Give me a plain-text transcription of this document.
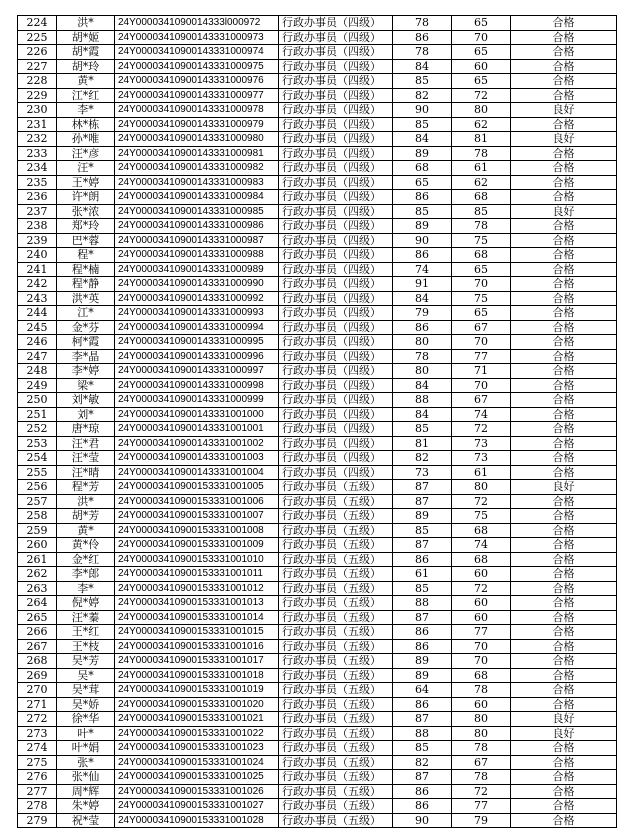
224	洪*	24Y0000341090014333l000972	行政办事员（四级）	78	65	合格
225	胡*姬	24Y00003410900143331000973	行政办事员（四级）	86	70	合格
226	胡*霞	24Y00003410900143331000974	行政办事员（四级）	78	65	合格
227	胡*玲	24Y00003410900143331000975	行政办事员（四级）	84	60	合格
228	黄*	24Y00003410900143331000976	行政办事员（四级）	85	65	合格
229	江*红	24Y00003410900143331000977	行政办事员（四级）	82	72	合格
230	李*	24Y00003410900143331000978	行政办事员（四级）	90	80	良好
231	林*栋	24Y00003410900143331000979	行政办事员（四级）	85	62	合格
232	孙*唯	24Y00003410900143331000980	行政办事员（四级）	84	81	良好
233	汪*彦	24Y00003410900143331000981	行政办事员（四级）	89	78	合格
234	汪*	24Y00003410900143331000982	行政办事员（四级）	68	61	合格
235	王*婷	24Y00003410900143331000983	行政办事员（四级）	65	62	合格
236	许*朗	24Y00003410900143331000984	行政办事员（四级）	86	68	合格
237	张*浓	24Y00003410900143331000985	行政办事员（四级）	85	85	良好
238	郑*玲	24Y00003410900143331000986	行政办事员（四级）	89	78	合格
239	巴*蓉	24Y00003410900143331000987	行政办事员（四级）	90	75	合格
240	程*	24Y00003410900143331000988	行政办事员（四级）	86	68	合格
241	程*楠	24Y00003410900143331000989	行政办事员（四级）	74	65	合格
242	程*静	24Y00003410900143331000990	行政办事员（四级）	91	70	合格
243	洪*英	24Y00003410900143331000992	行政办事员（四级）	84	75	合格
244	江*	24Y00003410900143331000993	行政办事员（四级）	79	65	合格
245	金*芬	24Y00003410900143331000994	行政办事员（四级）	86	67	合格
246	柯*霞	24Y00003410900143331000995	行政办事员（四级）	80	70	合格
247	李*晶	24Y00003410900143331000996	行政办事员（四级）	78	77	合格
248	李*婷	24Y00003410900143331000997	行政办事员（四级）	80	71	合格
249	梁*	24Y00003410900143331000998	行政办事员（四级）	84	70	合格
250	刘*敏	24Y00003410900143331000999	行政办事员（四级）	88	67	合格
251	刘*	24Y00003410900143331001000	行政办事员（四级）	84	74	合格
252	唐*琼	24Y00003410900143331001001	行政办事员（四级）	85	72	合格
253	汪*君	24Y00003410900143331001002	行政办事员（四级）	81	73	合格
254	汪*莹	24Y00003410900143331001003	行政办事员（四级）	82	73	合格
255	汪*晴	24Y00003410900143331001004	行政办事员（四级）	73	61	合格
256	程*芳	24Y00003410900153331001005	行政办事员（五级）	87	80	良好
257	洪*	24Y00003410900153331001006	行政办事员（五级）	87	72	合格
258	胡*芳	24Y00003410900153331001007	行政办事员（五级）	89	75	合格
259	黄*	24Y00003410900153331001008	行政办事员（五级）	85	68	合格
260	黄*伶	24Y00003410900153331001009	行政办事员（五级）	87	74	合格
261	金*红	24Y00003410900153331001010	行政办事员（五级）	86	68	合格
262	李*郎	24Y00003410900153331001011	行政办事员（五级）	61	60	合格
263	李*	24Y00003410900153331001012	行政办事员（五级）	85	72	合格
264	倪*婷	24Y00003410900153331001013	行政办事员（五级）	88	60	合格
265	汪*蓁	24Y00003410900153331001014	行政办事员（五级）	87	60	合格
266	王*红	24Y00003410900153331001015	行政办事员（五级）	86	77	合格
267	王*枝	24Y00003410900153331001016	行政办事员（五级）	86	70	合格
268	吴*芳	24Y00003410900153331001017	行政办事员（五级）	89	70	合格
269	吴*	24Y00003410900153331001018	行政办事员（五级）	89	68	合格
270	吴*茸	24Y00003410900153331001019	行政办事员（五级）	64	78	合格
271	吴*娇	24Y00003410900153331001020	行政办事员（五级）	86	60	合格
272	徐*华	24Y00003410900153331001021	行政办事员（五级）	87	80	良好
273	叶*	24Y00003410900153331001022	行政办事员（五级）	88	80	良好
274	叶*娟	24Y00003410900153331001023	行政办事员（五级）	85	78	合格
275	张*	24Y00003410900153331001024	行政办事员（五级）	82	67	合格
276	张*仙	24Y00003410900153331001025	行政办事员（五级）	87	78	合格
277	周*辉	24Y00003410900153331001026	行政办事员（五级）	86	72	合格
278	朱*婷	24Y00003410900153331001027	行政办事员（五级）	86	77	合格
279	祝*莹	24Y00003410900153331001028	行政办事员（五级）	90	79	合格
